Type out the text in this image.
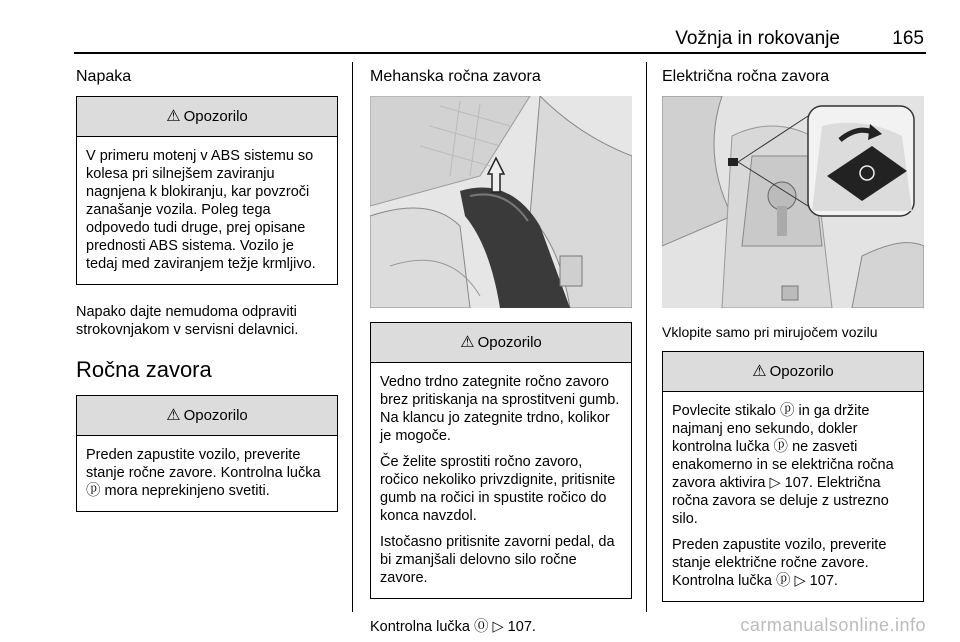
Vožnja in rokovanje	165
Napaka
⚠ Opozorilo

V primeru motenj v ABS sistemu so kolesa pri silnejšem zaviranju nagnjena k blokiranju, kar povzroči zanašanje vozila. Poleg tega odpovedo tudi druge, prej opisane prednosti ABS sistema. Vozilo je tedaj med zaviranjem težje krmljivo.

Napako dajte nemudoma odpraviti strokovnjakom v servisni delavnici.

Ročna zavora
⚠ Opozorilo

Preden zapustite vozilo, preverite stanje ročne zavore. Kontrolna lučka ⓟ mora neprekinjeno svetiti.

Mehanska ročna zavora
⚠ Opozorilo

Vedno trdno zategnite ročno zavoro brez pritiskanja na sprostitveni gumb. Na klancu jo zategnite trdno, kolikor je mogoče.

Če želite sprostiti ročno zavoro, ročico nekoliko privzdignite, pritisnite gumb na ročici in spustite ročico do konca navzdol.

Istočasno pritisnite zavorni pedal, da bi zmanjšali delovno silo ročne zavore.

Kontrolna lučka ⓪ ▷ 107.
Električna ročna zavora
Vklopite samo pri mirujočem vozilu
⚠ Opozorilo

Povlecite stikalo ⓟ in ga držite najmanj eno sekundo, dokler kontrolna lučka ⓟ ne zasveti enakomerno in se električna ročna zavora aktivira ▷ 107. Električna ročna zavora se deluje z ustrezno silo.

Preden zapustite vozilo, preverite stanje električne ročne zavore. Kontrolna lučka ⓟ ▷ 107.

carmanualsonline.info
